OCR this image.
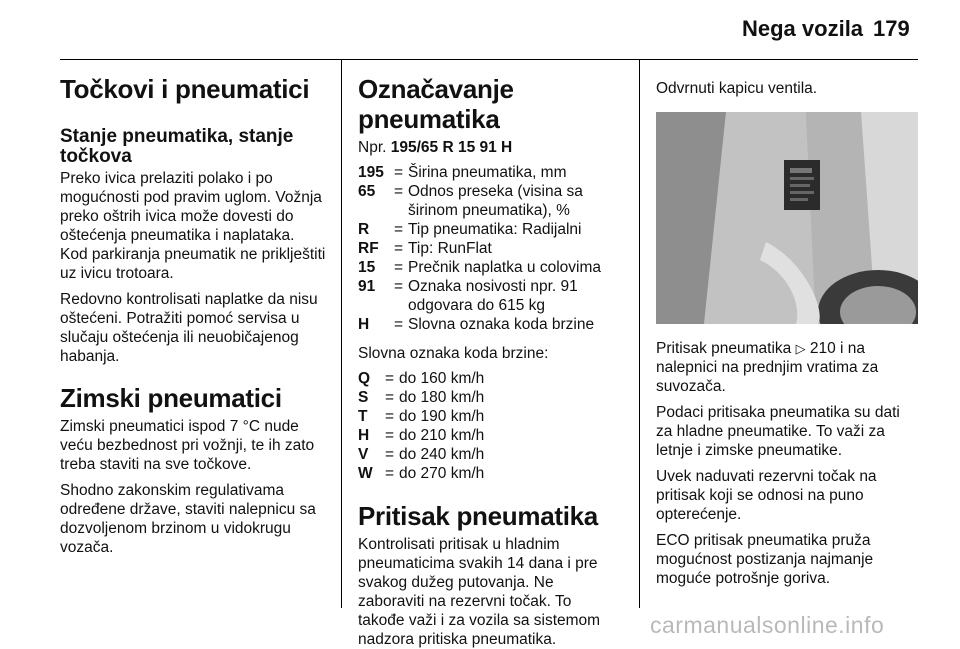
Nega vozila 179
Točkovi i pneumatici
Stanje pneumatika, stanje točkova

Preko ivica prelaziti polako i po mogućnosti pod pravim uglom. Vožnja preko oštrih ivica može dovesti do oštećenja pneumatika i naplataka. Kod parkiranja pneumatik ne priklještiti uz ivicu trotoara.

Redovno kontrolisati naplatke da nisu oštećeni. Potražiti pomoć servisa u slučaju oštećenja ili neuobičajenog habanja.

Zimski pneumatici

Zimski pneumatici ispod 7 °C nude veću bezbednost pri vožnji, te ih zato treba staviti na sve točkove.

Shodno zakonskim regulativama određene države, staviti nalepnicu sa dozvoljenom brzinom u vidokrugu vozača.

Označavanje pneumatika

Npr. 195/65 R 15 91 H

195 = Širina pneumatika, mm
65	= Odnos preseka (visina sa širinom pneumatika), %
R	= Tip pneumatika: Radijalni
RF = Tip: RunFlat
15	= Prečnik naplatka u colovima
91	= Oznaka nosivosti npr. 91 odgovara do 615 kg
H	= Slovna oznaka koda brzine

Slovna oznaka koda brzine:

Q = do 160 km/h
S	= do 180 km/h
T	= do 190 km/h
H	= do 210 km/h
V	= do 240 km/h
W = do 270 km/h
Pritisak pneumatika

Kontrolisati pritisak u hladnim pneumaticima svakih 14 dana i pre svakog dužeg putovanja. Ne zaboraviti na rezervni točak. To takođe važi i za vozila sa sistemom nadzora pritiska pneumatika.

Odvrnuti kapicu ventila.

Pritisak pneumatika ▷ 210 i na nalepnici na prednjim vratima za suvozača.

Podaci pritisaka pneumatika su dati za hladne pneumatike. To važi za letnje i zimske pneumatike.

Uvek naduvati rezervni točak na pritisak koji se odnosi na puno opterećenje.

ECO pritisak pneumatika pruža mogućnost postizanja najmanje moguće potrošnje goriva.

carmanualsonline.info
